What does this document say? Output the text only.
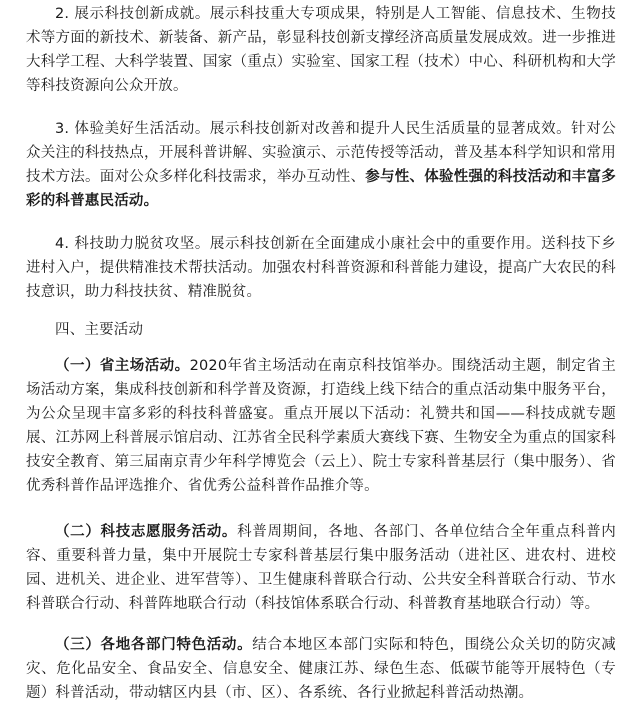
2. 展示科技创新成就。展示科技重大专项成果，特别是人工智能、信息技术、生物技术等方面的新技术、新装备、新产品，彰显科技创新支撑经济高质量发展成效。进一步推进大科学工程、大科学装置、国家（重点）实验室、国家工程（技术）中心、科研机构和大学等科技资源向公众开放。

3. 体验美好生活活动。展示科技创新对改善和提升人民生活质量的显著成效。针对公众关注的科技热点，开展科普讲解、实验演示、示范传授等活动，普及基本科学知识和常用技术方法。面对公众多样化科技需求，举办互动性、参与性、体验性强的科技活动和丰富多彩的科普惠民活动。

4. 科技助力脱贫攻坚。展示科技创新在全面建成小康社会中的重要作用。送科技下乡进村入户，提供精准技术帮扶活动。加强农村科普资源和科普能力建设，提高广大农民的科技意识，助力科技扶贫、精准脱贫。

四、主要活动

（一）省主场活动。2020年省主场活动在南京科技馆举办。围绕活动主题，制定省主场活动方案，集成科技创新和科学普及资源，打造线上线下结合的重点活动集中服务平台，为公众呈现丰富多彩的科技科普盛宴。重点开展以下活动：礼赞共和国——科技成就专题展、江苏网上科普展示馆启动、江苏省全民科学素质大赛线下赛、生物安全为重点的国家科技安全教育、第三届南京青少年科学博览会（云上）、院士专家科普基层行（集中服务）、省优秀科普作品评选推介、省优秀公益科普作品推介等。

（二）科技志愿服务活动。科普周期间，各地、各部门、各单位结合全年重点科普内容、重要科普力量，集中开展院士专家科普基层行集中服务活动（进社区、进农村、进校园、进机关、进企业、进军营等）、卫生健康科普联合行动、公共安全科普联合行动、节水科普联合行动、科普阵地联合行动（科技馆体系联合行动、科普教育基地联合行动）等。

（三）各地各部门特色活动。结合本地区本部门实际和特色，围绕公众关切的防灾减灾、危化品安全、食品安全、信息安全、健康江苏、绿色生态、低碳节能等开展特色（专题）科普活动，带动辖区内县（市、区）、各系统、各行业掀起科普活动热潮。
